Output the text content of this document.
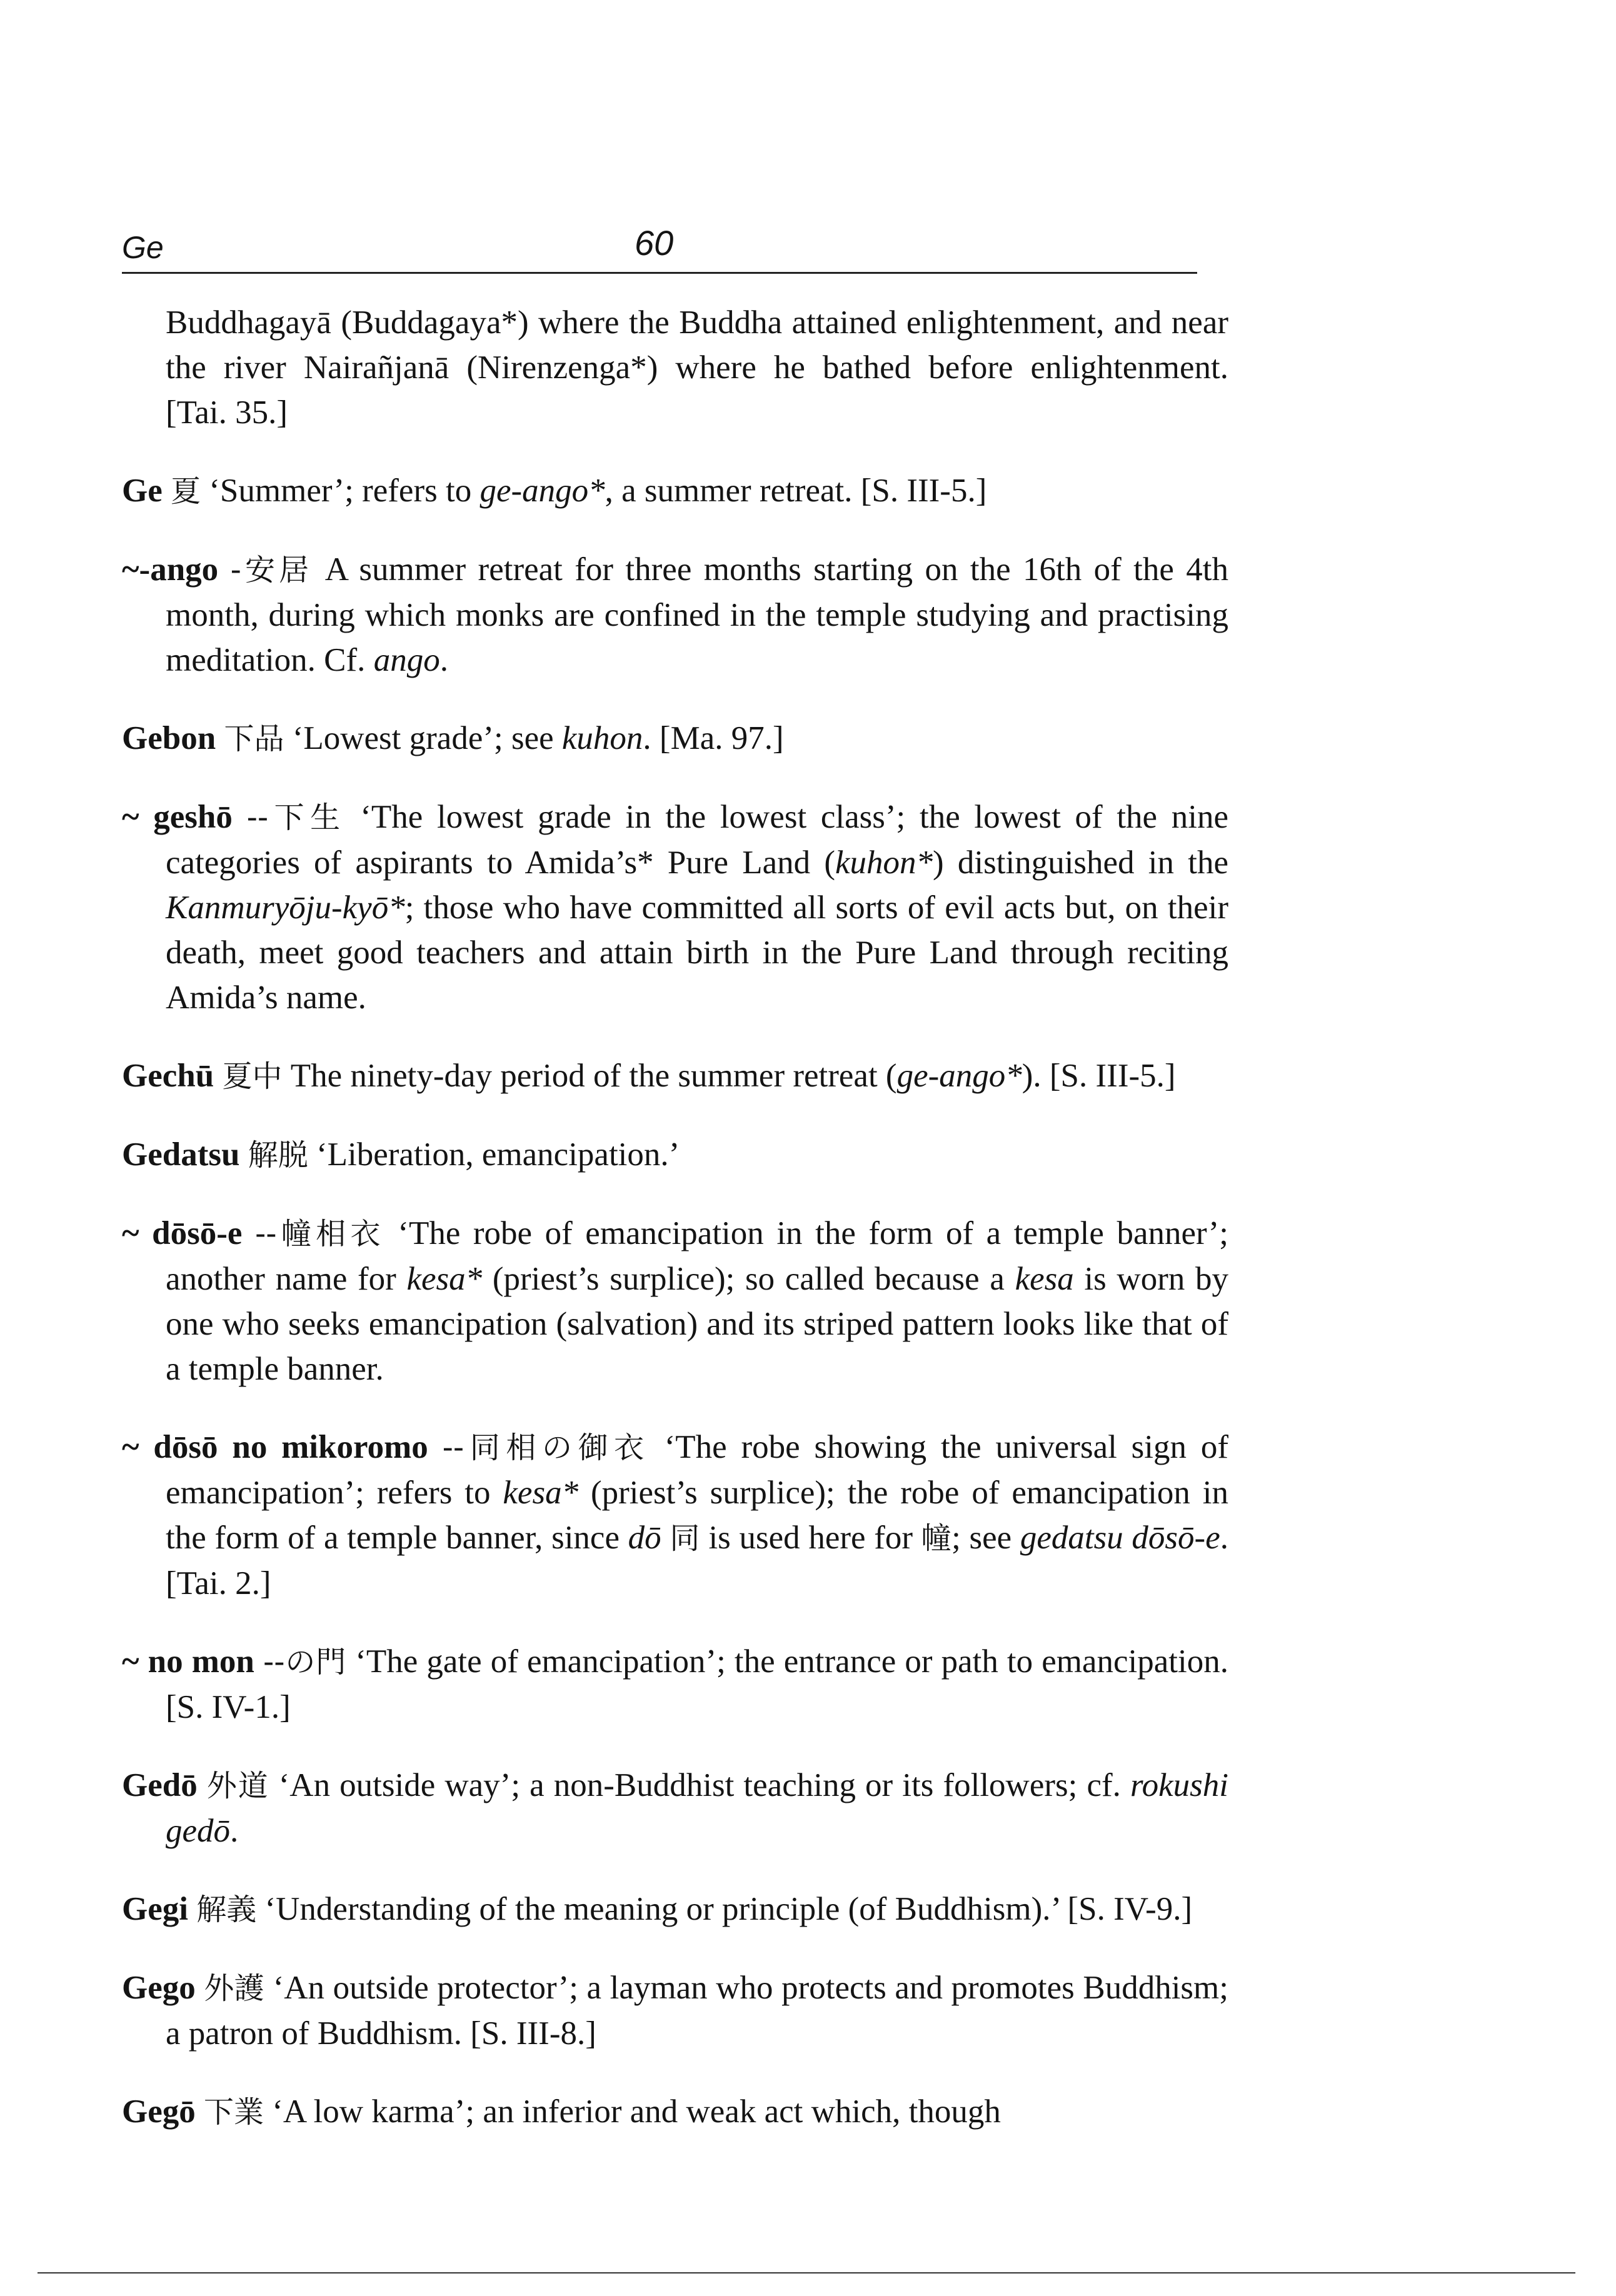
Ge	60

Buddhagayā (Buddagaya*) where the Buddha attained enlightenment, and near the river Nairañjanā (Nirenzenga*) where he bathed before enlightenment. [Tai. 35.]

Ge 夏 ‘Summer’; refers to ge-ango*, a summer retreat. [S. III-5.]

~-ango -安居 A summer retreat for three months starting on the 16th of the 4th month, during which monks are confined in the temple studying and practising meditation. Cf. ango.

Gebon 下品 ‘Lowest grade’; see kuhon. [Ma. 97.]

~ geshō --下生 ‘The lowest grade in the lowest class’; the lowest of the nine categories of aspirants to Amida’s* Pure Land (kuhon*) distinguished in the Kanmuryōju-kyō*; those who have committed all sorts of evil acts but, on their death, meet good teachers and attain birth in the Pure Land through reciting Amida’s name.

Gechū 夏中 The ninety-day period of the summer retreat (ge-ango*). [S. III-5.]

Gedatsu 解脱 ‘Liberation, emancipation.’

~ dōsō-e --幢相衣 ‘The robe of emancipation in the form of a temple banner’; another name for kesa* (priest’s surplice); so called because a kesa is worn by one who seeks emancipation (salvation) and its striped pattern looks like that of a temple banner.

~ dōsō no mikoromo --同相の御衣 ‘The robe showing the universal sign of emancipation’; refers to kesa* (priest’s surplice); the robe of emancipation in the form of a temple banner, since dō 同 is used here for 幢; see gedatsu dōsō-e. [Tai. 2.]

~ no mon --の門 ‘The gate of emancipation’; the entrance or path to emancipation. [S. IV-1.]

Gedō 外道 ‘An outside way’; a non-Buddhist teaching or its followers; cf. rokushi gedō.

Gegi 解義 ‘Understanding of the meaning or principle (of Buddhism).’ [S. IV-9.]

Gego 外護 ‘An outside protector’; a layman who protects and promotes Buddhism; a patron of Buddhism. [S. III-8.]

Gegō 下業 ‘A low karma’; an inferior and weak act which, though
